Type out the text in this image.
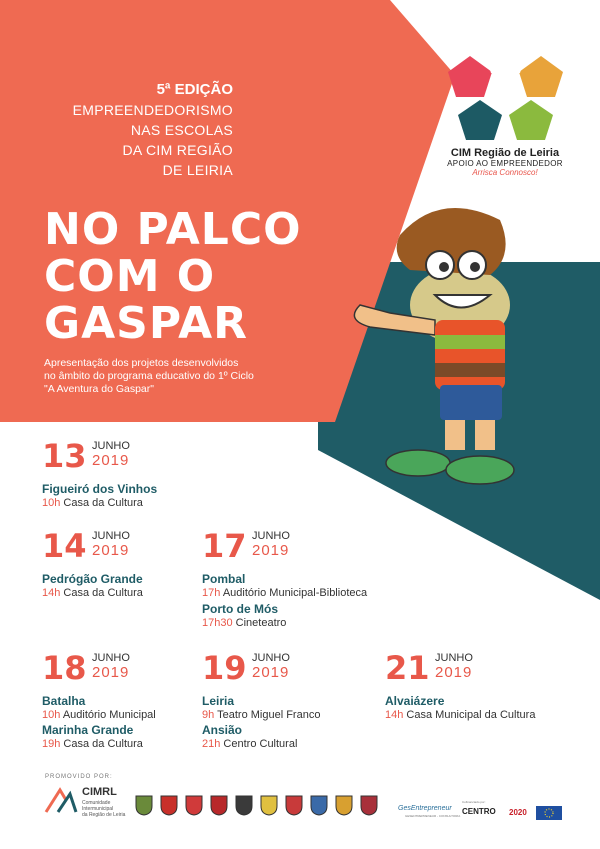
5ª EDIÇÃO
EMPREENDEDORISMO
NAS ESCOLAS
DA CIM REGIÃO
DE LEIRIA
NO PALCO
COM O
GASPAR
Apresentação dos projetos desenvolvidos
no âmbito do programa educativo do 1º Ciclo
"A Aventura do Gaspar"
CIM Região de Leiria
APOIO AO EMPREENDEDOR
Arrisca Connosco!
13 JUNHO
2019
Figueiró dos Vinhos
10h Casa da Cultura
14 JUNHO
2019
Pedrógão Grande
14h Casa da Cultura
17 JUNHO
2019
Pombal
17h Auditório Municipal-Biblioteca
Porto de Mós
17h30 Cineteatro
18 JUNHO
2019
Batalha
10h Auditório Municipal
Marinha Grande
19h Casa da Cultura
19 JUNHO
2019
Leiria
9h Teatro Miguel Franco
Ansião
21h Centro Cultural
21 JUNHO
2019
Alvaiázere
14h Casa Municipal da Cultura
PROMOVIDO POR:
CIMRL
Comunidade
Intermunicipal
da Região de Leiria
GesEntrepreneur
GESENTREPRENEUR - CONSULTORIA
Cofinanciado por:
CENTRO 2020
